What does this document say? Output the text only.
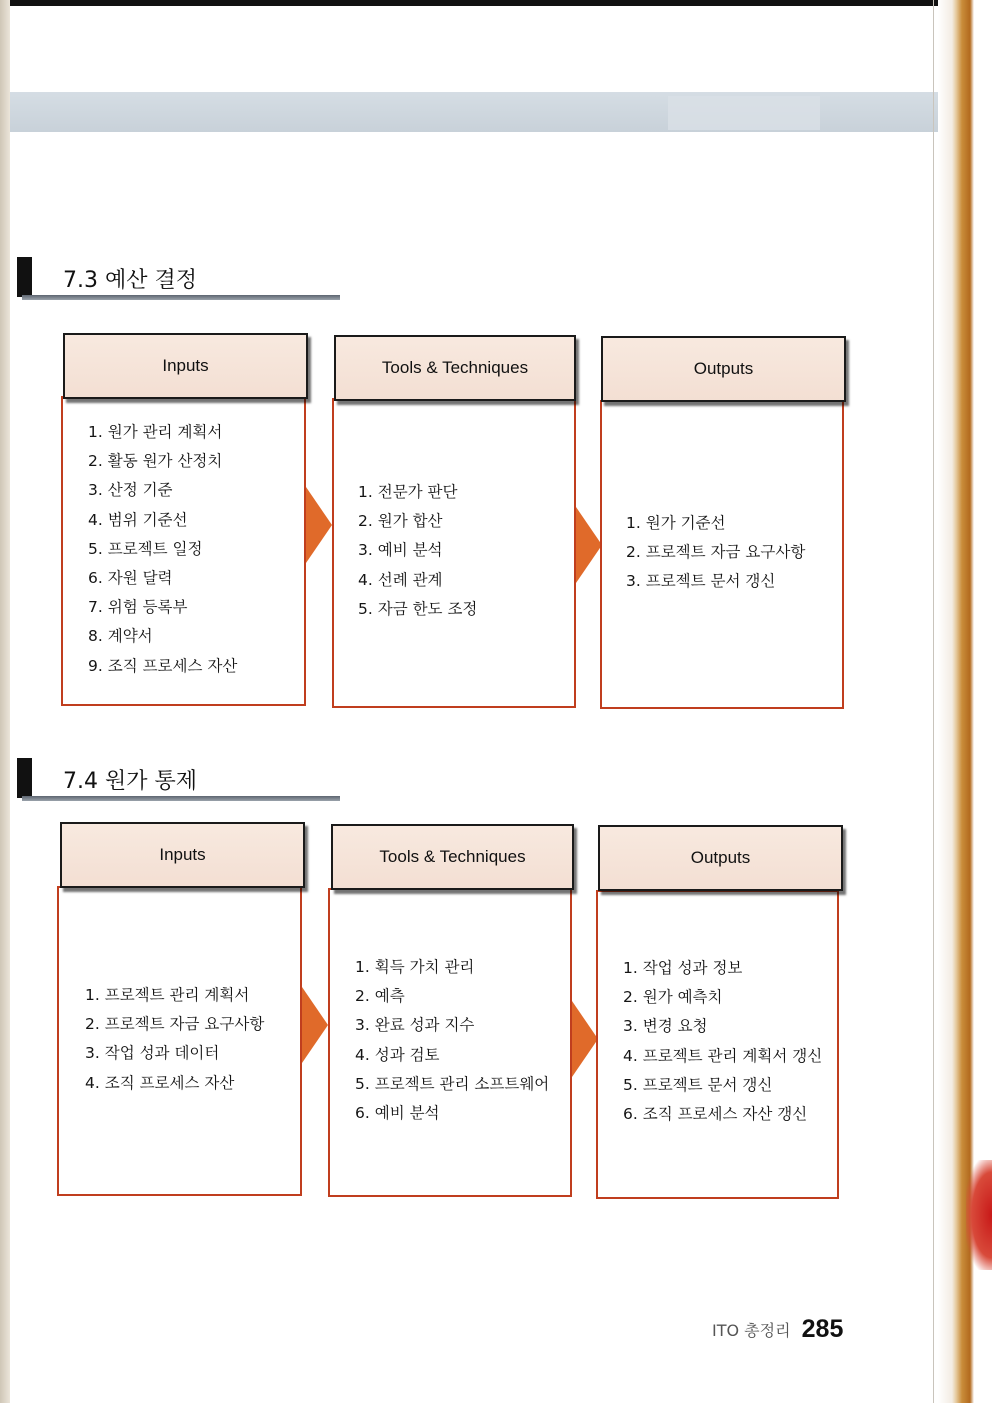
7.3 예산 결정
Inputs
1. 원가 관리 계획서
2. 활동 원가 산정치
3. 산정 기준
4. 범위 기준선
5. 프로젝트 일정
6. 자원 달력
7. 위험 등록부
8. 계약서
9. 조직 프로세스 자산
Tools & Techniques
1. 전문가 판단
2. 원가 합산
3. 예비 분석
4. 선례 관계
5. 자금 한도 조정
Outputs
1. 원가 기준선
2. 프로젝트 자금 요구사항
3. 프로젝트 문서 갱신
7.4 원가 통제
Inputs
1. 프로젝트 관리 계획서
2. 프로젝트 자금 요구사항
3. 작업 성과 데이터
4. 조직 프로세스 자산
Tools & Techniques
1. 획득 가치 관리
2. 예측
3. 완료 성과 지수
4. 성과 검토
5. 프로젝트 관리 소프트웨어
6. 예비 분석
Outputs
1. 작업 성과 정보
2. 원가 예측치
3. 변경 요청
4. 프로젝트 관리 계획서 갱신
5. 프로젝트 문서 갱신
6. 조직 프로세스 자산 갱신
ITO 총정리 285
